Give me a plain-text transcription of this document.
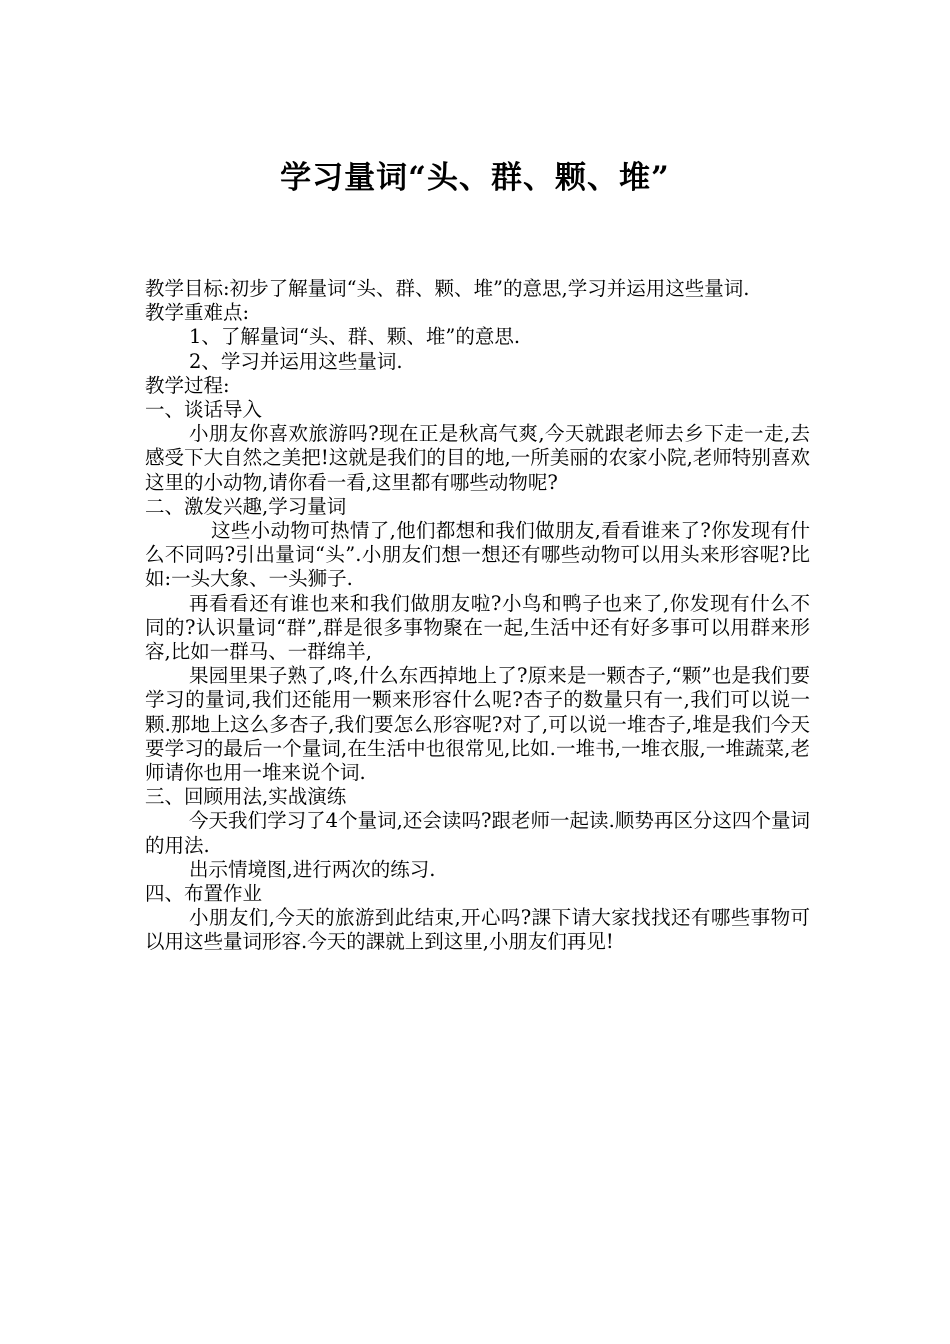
学习量词“头、群、颗、堆”

教学目标:初步了解量词“头、群、颗、堆”的意思,学习并运用这些量词.

教学重难点:

1、了解量词“头、群、颗、堆”的意思.

2、学习并运用这些量词.

教学过程:

一、谈话导入

小朋友你喜欢旅游吗?现在正是秋高气爽,今天就跟老师去乡下走一走,去感受下大自然之美把!这就是我们的目的地,一所美丽的农家小院,老师特别喜欢这里的小动物,请你看一看,这里都有哪些动物呢?

二、激发兴趣,学习量词

这些小动物可热情了,他们都想和我们做朋友,看看谁来了?你发现有什么不同吗?引出量词“头”.小朋友们想一想还有哪些动物可以用头来形容呢?比如:一头大象、一头狮子.

再看看还有谁也来和我们做朋友啦?小鸟和鸭子也来了,你发现有什么不同的?认识量词“群”,群是很多事物聚在一起,生活中还有好多事可以用群来形容,比如一群马、一群绵羊,

果园里果子熟了,咚,什么东西掉地上了?原来是一颗杏子,“颗”也是我们要学习的量词,我们还能用一颗来形容什么呢?杏子的数量只有一,我们可以说一颗.那地上这么多杏子,我们要怎么形容呢?对了,可以说一堆杏子,堆是我们今天要学习的最后一个量词,在生活中也很常见,比如.一堆书,一堆衣服,一堆蔬菜,老师请你也用一堆来说个词.

三、回顾用法,实战演练

今天我们学习了4个量词,还会读吗?跟老师一起读.顺势再区分这四个量词的用法.

出示情境图,进行两次的练习.

四、布置作业

小朋友们,今天的旅游到此结束,开心吗?課下请大家找找还有哪些事物可以用这些量词形容.今天的課就上到这里,小朋友们再见!
